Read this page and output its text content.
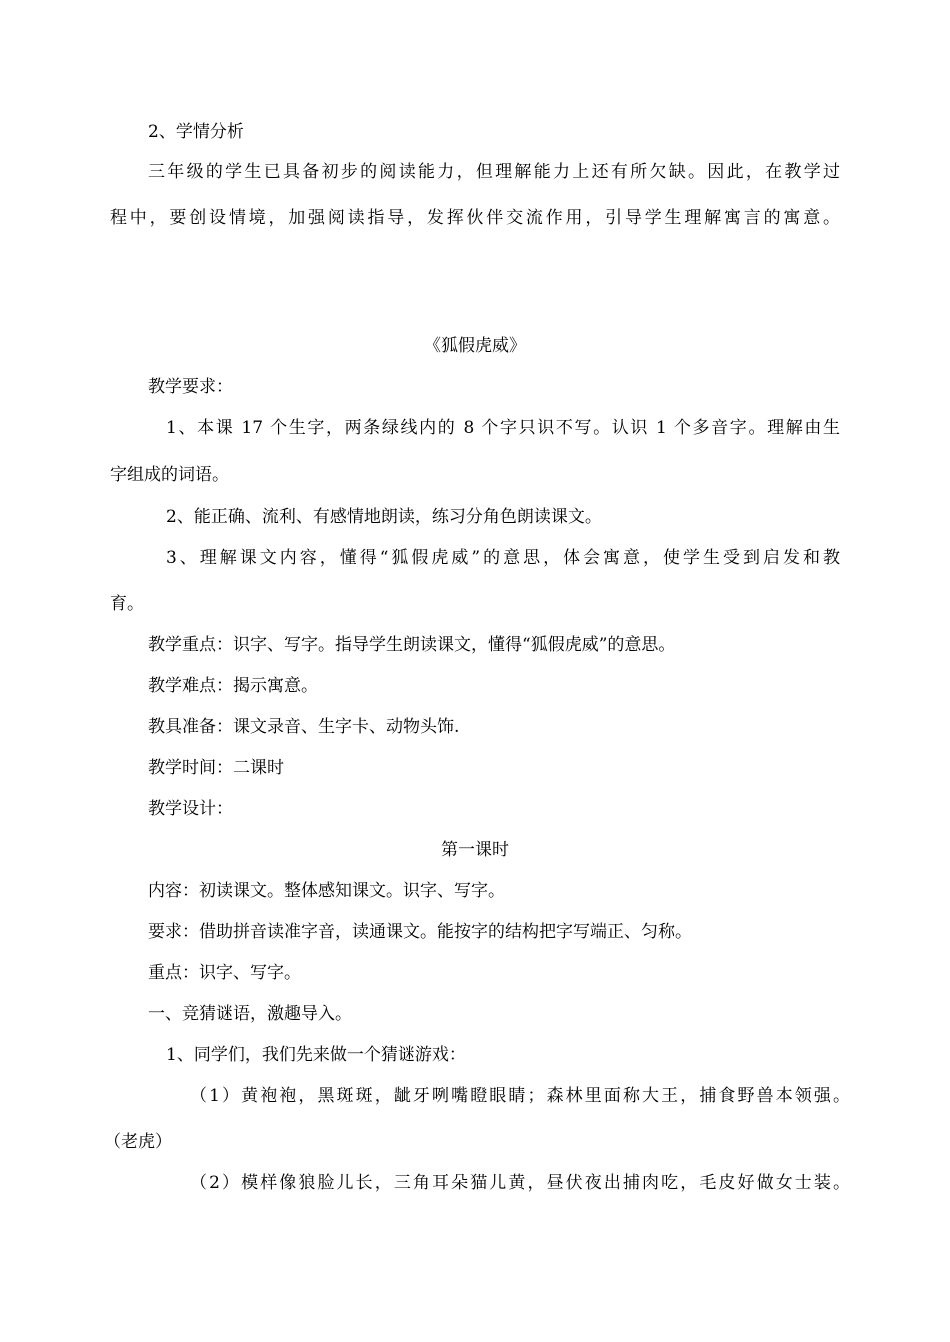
2、学情分析
三年级的学生已具备初步的阅读能力，但理解能力上还有所欠缺。因此，在教学过
程中，要创设情境，加强阅读指导，发挥伙伴交流作用，引导学生理解寓言的寓意。
《狐假虎威》
教学要求：
1、本课 17 个生字，两条绿线内的 8 个字只识不写。认识 1 个多音字。理解由生
字组成的词语。
2、能正确、流利、有感情地朗读，练习分角色朗读课文。
3、理解课文内容，懂得“狐假虎威”的意思，体会寓意，使学生受到启发和教
育。
教学重点：识字、写字。指导学生朗读课文，懂得“狐假虎威”的意思。
教学难点：揭示寓意。
教具准备：课文录音、生字卡、动物头饰.
教学时间：二课时
教学设计：
第一课时
内容：初读课文。整体感知课文。识字、写字。
要求：借助拼音读准字音，读通课文。能按字的结构把字写端正、匀称。
重点：识字、写字。
一、竞猜谜语，激趣导入。
1、同学们，我们先来做一个猜谜游戏：
（1）黄袍袍，黑斑斑，龇牙咧嘴瞪眼睛；森林里面称大王，捕食野兽本领强。
（老虎）
（2）模样像狼脸儿长，三角耳朵猫儿黄，昼伏夜出捕肉吃，毛皮好做女士装。
